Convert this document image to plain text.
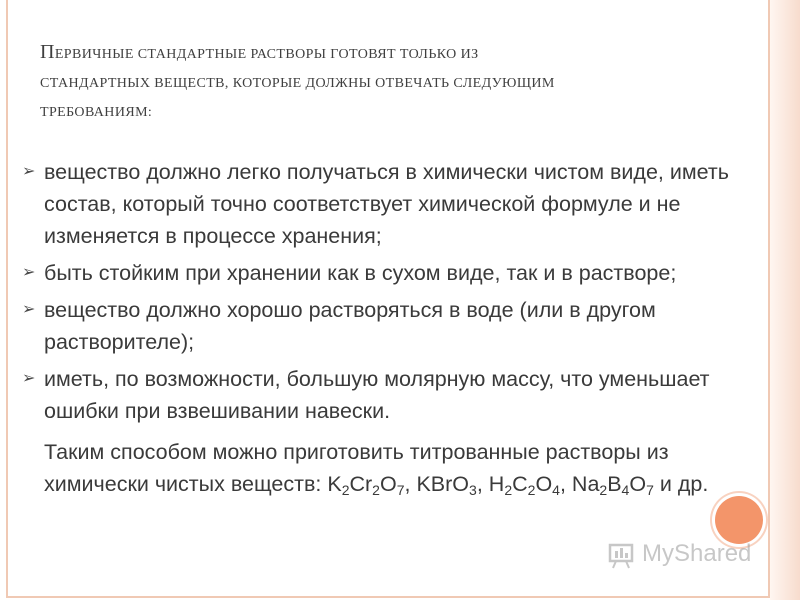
ПЕРВИЧНЫЕ СТАНДАРТНЫЕ РАСТВОРЫ ГОТОВЯТ ТОЛЬКО ИЗ
СТАНДАРТНЫХ ВЕЩЕСТВ, КОТОРЫЕ ДОЛЖНЫ ОТВЕЧАТЬ СЛЕДУЮЩИМ
ТРЕБОВАНИЯМ:
➢ вещество должно легко получаться в химически чистом виде, иметь состав, который точно соответствует химической формуле и не изменяется в процессе хранения;
➢ быть стойким при хранении как в сухом виде, так и в растворе;
➢ вещество должно хорошо растворяться в воде (или в другом растворителе);
➢ иметь, по возможности, большую молярную массу, что уменьшает ошибки при взвешивании навески.
Таким способом можно приготовить титрованные растворы из химически чистых веществ: $K_2Cr_2O_7$, KBrO$_3$, $H_2C_2O_4$, $Na_2B_4O_7$ и др.
MyShared
